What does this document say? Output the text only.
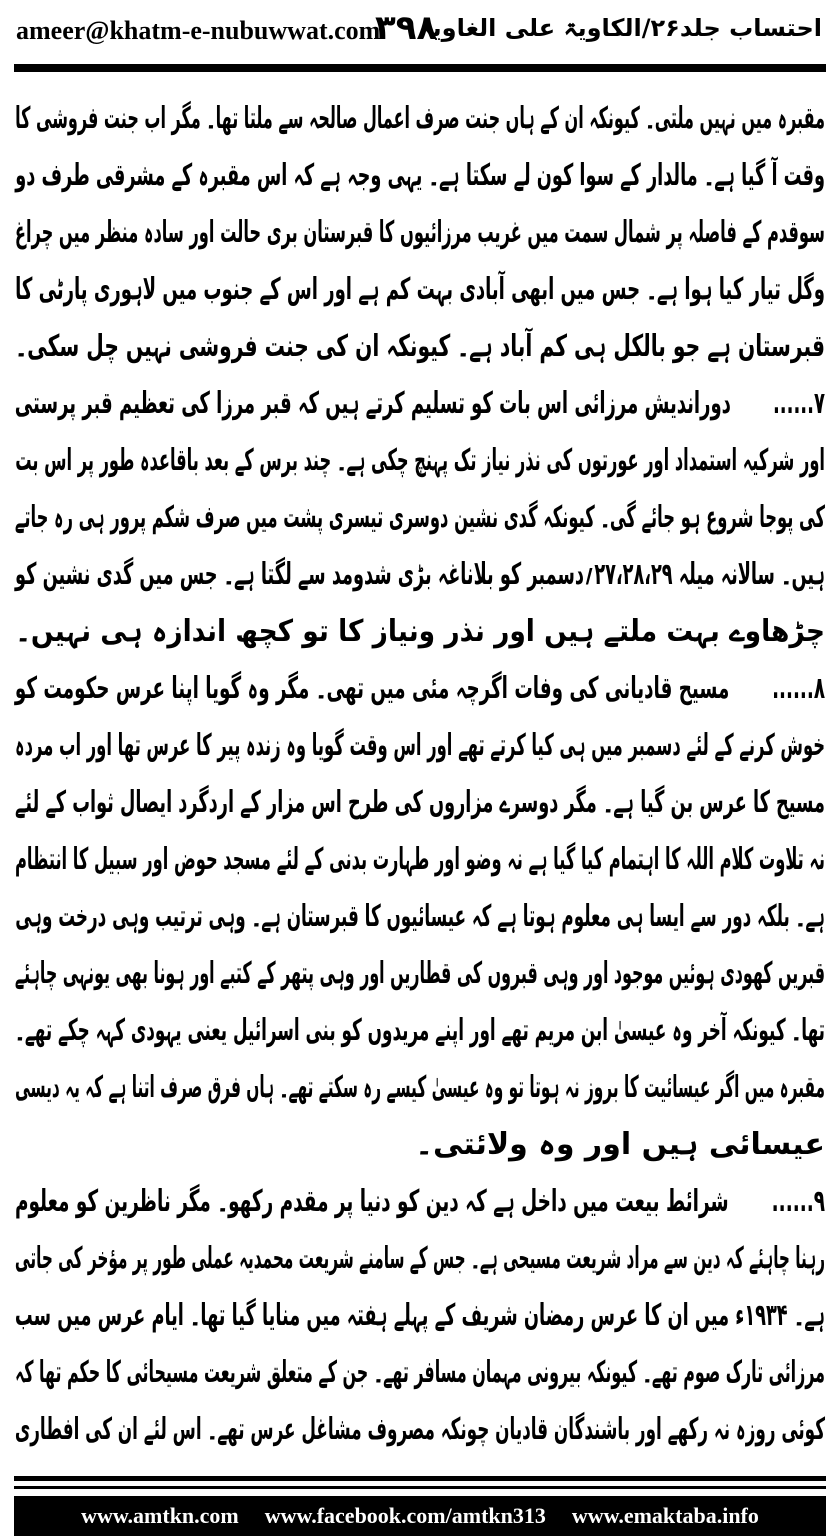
ameer@khatm-e-nubuwwat.com
۳۹۸
احتساب جلد۲۶/الکاویۃ علی الغاویہ
مقبرہ میں نہیں ملتی۔ کیونکہ ان کے ہاں جنت صرف اعمال صالحہ سے ملتا تھا۔ مگر اب جنت فروشی کا
وقت آ گیا ہے۔ مالدار کے سوا کون لے سکتا ہے۔ یہی وجہ ہے کہ اس مقبرہ کے مشرقی طرف دو
سوقدم کے فاصلہ پر شمال سمت میں غریب مرزائیوں کا قبرستان بری حالت اور سادہ منظر میں چراغ
وگل تیار کیا ہوا ہے۔ جس میں ابھی آبادی بہت کم ہے اور اس کے جنوب میں لاہوری پارٹی کا
قبرستان ہے جو بالکل ہی کم آباد ہے۔ کیونکہ ان کی جنت فروشی نہیں چل سکی۔
۷......دوراندیش مرزائی اس بات کو تسلیم کرتے ہیں کہ قبر مرزا کی تعظیم قبر پرستی
اور شرکیہ استمداد اور عورتوں کی نذر نیاز تک پہنچ چکی ہے۔ چند برس کے بعد باقاعدہ طور پر اس بت
کی پوجا شروع ہو جائے گی۔ کیونکہ گدی نشین دوسری تیسری پشت میں صرف شکم پرور ہی رہ جاتے
ہیں۔ سالانہ میلہ ۲۷،۲۸،۲۹؍دسمبر کو بلاناغہ بڑی شدومد سے لگتا ہے۔ جس میں گدی نشین کو
چڑھاوے بہت ملتے ہیں اور نذر ونیاز کا تو کچھ اندازہ ہی نہیں۔
۸......مسیح قادیانی کی وفات اگرچہ مئی میں تھی۔ مگر وہ گویا اپنا عرس حکومت کو
خوش کرنے کے لئے دسمبر میں ہی کیا کرتے تھے اور اس وقت گویا وہ زندہ پیر کا عرس تھا اور اب مردہ
مسیح کا عرس بن گیا ہے۔ مگر دوسرے مزاروں کی طرح اس مزار کے اردگرد ایصال ثواب کے لئے
نہ تلاوت کلام اللہ کا اہتمام کیا گیا ہے نہ وضو اور طہارت بدنی کے لئے مسجد حوض اور سبیل کا انتظام
ہے۔ بلکہ دور سے ایسا ہی معلوم ہوتا ہے کہ عیسائیوں کا قبرستان ہے۔ وہی ترتیب وہی درخت وہی
قبریں کھودی ہوئیں موجود اور وہی قبروں کی قطاریں اور وہی پتھر کے کتبے اور ہونا بھی یونہی چاہئے
تھا۔ کیونکہ آخر وہ عیسیٰ ابن مریم تھے اور اپنے مریدوں کو بنی اسرائیل یعنی یہودی کہہ چکے تھے۔
مقبرہ میں اگر عیسائیت کا بروز نہ ہوتا تو وہ عیسیٰ کیسے رہ سکتے تھے۔ ہاں فرق صرف اتنا ہے کہ یہ دیسی
عیسائی ہیں اور وہ ولائتی۔
۹......شرائط بیعت میں داخل ہے کہ دین کو دنیا پر مقدم رکھو۔ مگر ناظرین کو معلوم
رہنا چاہئے کہ دین سے مراد شریعت مسیحی ہے۔ جس کے سامنے شریعت محمدیہ عملی طور پر مؤخر کی جاتی
ہے۔ ۱۹۳۴ء میں ان کا عرس رمضان شریف کے پہلے ہفتہ میں منایا گیا تھا۔ ایام عرس میں سب
مرزائی تارک صوم تھے۔ کیونکہ بیرونی مہمان مسافر تھے۔ جن کے متعلق شریعت مسیحائی کا حکم تھا کہ
کوئی روزہ نہ رکھے اور باشندگان قادیان چونکہ مصروف مشاغل عرس تھے۔ اس لئے ان کی افطاری
www.amtkn.com www.facebook.com/amtkn313 www.emaktaba.info
